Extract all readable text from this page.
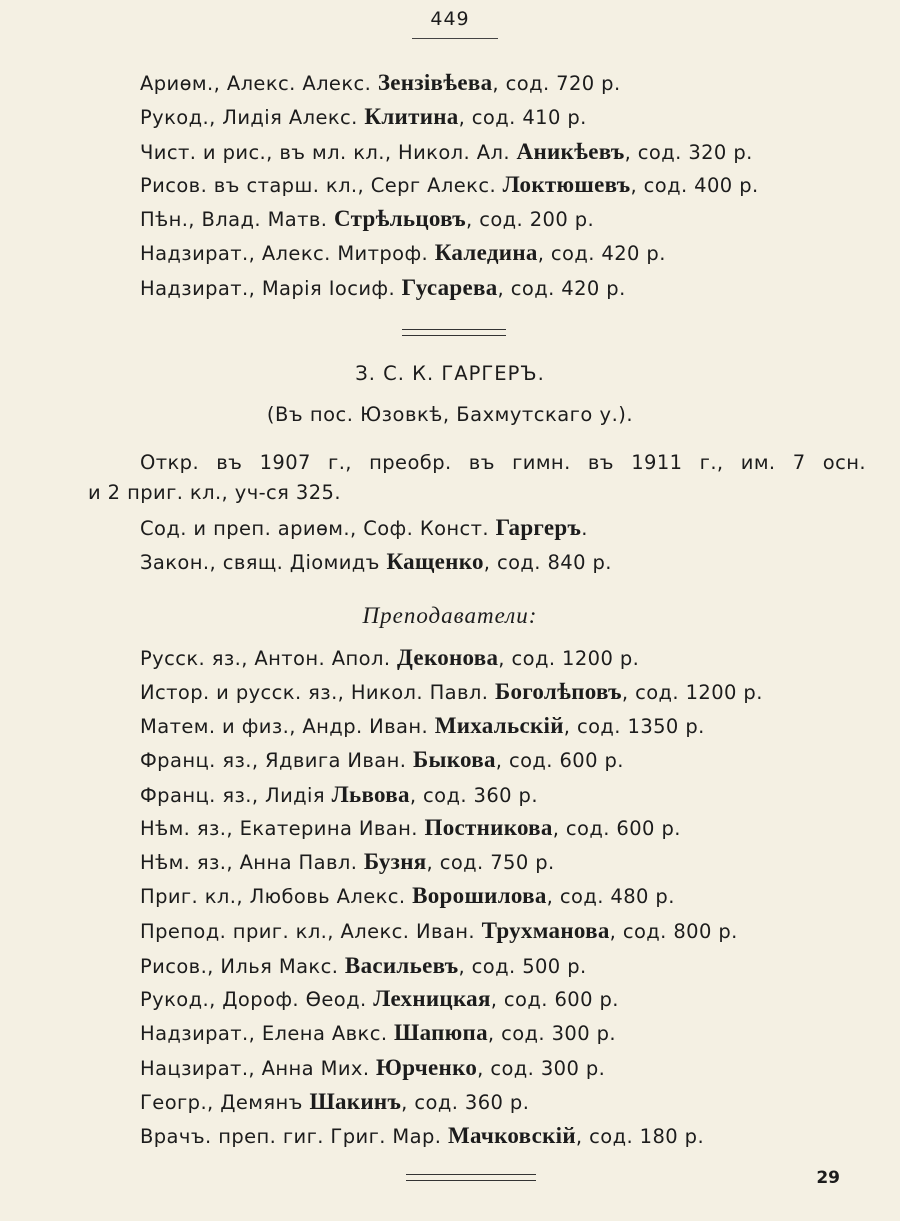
449
Ариѳм., Алекс. Алекс. Зензівѣева, сод. 720 р.
Рукод., Лидія Алекс. Клитина, сод. 410 р.
Чист. и рис., въ мл. кл., Никол. Ал. Аникѣевъ, сод. 320 р.
Рисов. въ старш. кл., Серг Алекс. Локтюшевъ, сод. 400 р.
Пѣн., Влад. Матв. Стрѣльцовъ, сод. 200 р.
Надзират., Алекс. Митроф. Каледина, сод. 420 р.
Надзират., Марія Іосиф. Гусарева, сод. 420 р.
З. С. К. ГАРГЕРЪ.
(Въ пос. Юзовкѣ, Бахмутскаго у.).
Откр. въ 1907 г., преобр. въ гимн. въ 1911 г., им. 7 осн.
и 2 приг. кл., уч-ся 325.
Сод. и преп. ариѳм., Соф. Конст. Гаргеръ.
Закон., свящ. Діомидъ Кащенко, сод. 840 р.
Преподаватели:
Русск. яз., Антон. Апол. Деконова, сод. 1200 р.
Истор. и русск. яз., Никол. Павл. Боголѣповъ, сод. 1200 р.
Матем. и физ., Андр. Иван. Михальскій, сод. 1350 р.
Франц. яз., Ядвига Иван. Быкова, сод. 600 р.
Франц. яз., Лидія Львова, сод. 360 р.
Нѣм. яз., Екатерина Иван. Постникова, сод. 600 р.
Нѣм. яз., Анна Павл. Бузня, сод. 750 р.
Приг. кл., Любовь Алекс. Ворошилова, сод. 480 р.
Препод. приг. кл., Алекс. Иван. Трухманова, сод. 800 р.
Рисов., Илья Макс. Васильевъ, сод. 500 р.
Рукод., Дороф. Ѳеод. Лехницкая, сод. 600 р.
Надзират., Елена Авкс. Шапюпа, сод. 300 р.
Нацзират., Анна Мих. Юрченко, сод. 300 р.
Геогр., Демянъ Шакинъ, сод. 360 р.
Врачъ. преп. гиг. Григ. Мар. Мачковскій, сод. 180 р.
29
